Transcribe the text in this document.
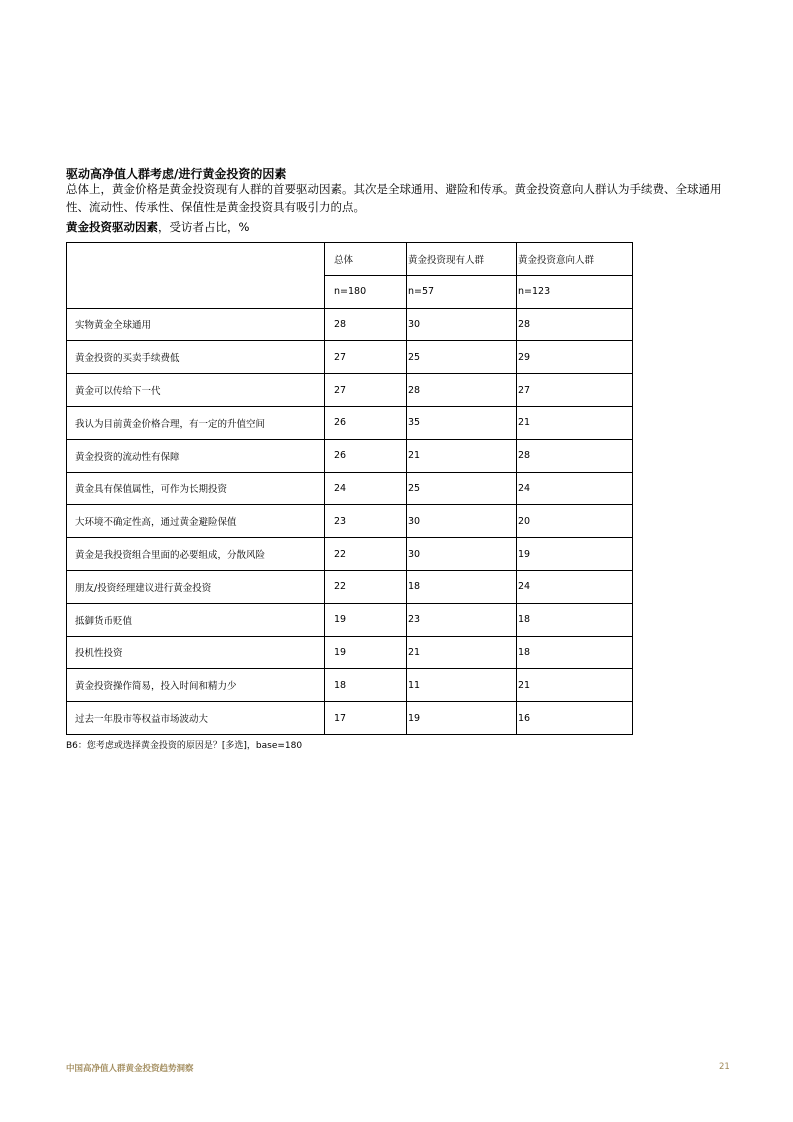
驱动高净值人群考虑/进行黄金投资的因素
总体上，黄金价格是黄金投资现有人群的首要驱动因素。其次是全球通用、避险和传承。黄金投资意向人群认为手续费、全球通用性、流动性、传承性、保值性是黄金投资具有吸引力的点。
黄金投资驱动因素，受访者占比，%
	总体	黄金投资现有人群	黄金投资意向人群
	n=180	n=57	n=123
实物黄金全球通用	28	30	28
黄金投资的买卖手续费低	27	25	29
黄金可以传给下一代	27	28	27
我认为目前黄金价格合理，有一定的升值空间	26	35	21
黄金投资的流动性有保障	26	21	28
黄金具有保值属性，可作为长期投资	24	25	24
大环境不确定性高，通过黄金避险保值	23	30	20
黄金是我投资组合里面的必要组成，分散风险	22	30	19
朋友/投资经理建议进行黄金投资	22	18	24
抵御货币贬值	19	23	18
投机性投资	19	21	18
黄金投资操作简易，投入时间和精力少	18	11	21
过去一年股市等权益市场波动大	17	19	16
B6：您考虑或选择黄金投资的原因是？[多选]，base=180
中国高净值人群黄金投资趋势洞察	21
